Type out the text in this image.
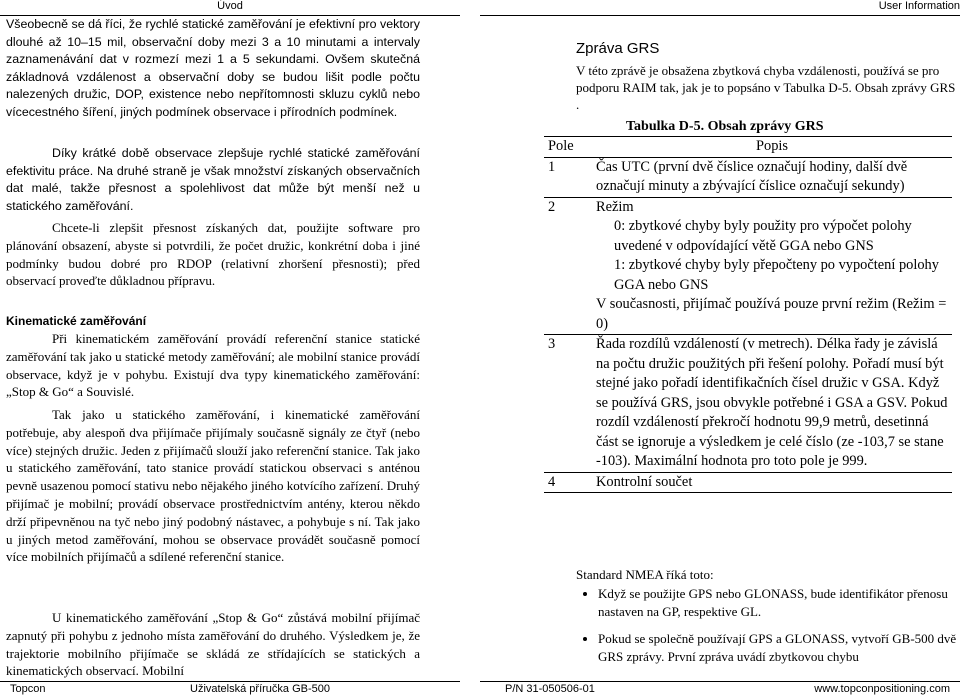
Úvod

Všeobecně se dá říci, že rychlé statické zaměřování je efektivní pro vektory dlouhé až 10–15 mil, observační doby mezi 3 a 10 minutami a intervaly zaznamenávání dat v rozmezí mezi 1 a 5 sekundami. Ovšem skutečná základnová vzdálenost a observační doby se budou lišit podle počtu nalezených družic, DOP, existence nebo nepřítomnosti skluzu cyklů nebo vícecestného šíření, jiných podmínek observace i přírodních podmínek.

Díky krátké době observace zlepšuje rychlé statické zaměřování efektivitu práce. Na druhé straně je však množství získaných observačních dat malé, takže přesnost a spolehlivost dat může být menší než u statického zaměřování.

Chcete-li zlepšit přesnost získaných dat, použijte software pro plánování obsazení, abyste si potvrdili, že počet družic, konkrétní doba i jiné podmínky budou dobré pro RDOP (relativní zhoršení přesnosti); před observací proveďte důkladnou přípravu.

Kinematické zaměřování

Při kinematickém zaměřování provádí referenční stanice statické zaměřování tak jako u statické metody zaměřování; ale mobilní stanice provádí observace, když je v pohybu. Existují dva typy kinematického zaměřování: „Stop & Go“ a Souvislé.

Tak jako u statického zaměřování, i kinematické zaměřování potřebuje, aby alespoň dva přijímače přijímaly současně signály ze čtyř (nebo více) stejných družic. Jeden z přijímačů slouží jako referenční stanice. Tak jako u statického zaměřování, tato stanice provádí statickou observaci s anténou pevně usazenou pomocí stativu nebo nějakého jiného kotvícího zařízení. Druhý přijímač je mobilní; provádí observace prostřednictvím antény, kterou někdo drží připevněnou na tyč nebo jiný podobný nástavec, a pohybuje s ní. Tak jako u jiných metod zaměřování, mohou se observace provádět současně pomocí více mobilních přijímačů a sdílené referenční stanice.

U kinematického zaměřování „Stop & Go“ zůstává mobilní přijímač zapnutý při pohybu z jednoho místa zaměřování do druhého. Výsledkem je, že trajektorie mobilního přijímače se skládá ze střídajících se statických a kinematických observací. Mobilní

Topcon	Uživatelská příručka GB-500
User Information
Zpráva GRS

V této zprávě je obsažena zbytková chyba vzdálenosti, používá se pro podporu RAIM tak, jak je to popsáno v Tabulka D-5. Obsah zprávy GRS .

Tabulka D-5. Obsah zprávy GRS
Pole	Popis
1	Čas UTC (první dvě číslice označují hodiny, další dvě označují minuty a zbývající číslice označují sekundy)
2	Režim
	0: zbytkové chyby byly použity pro výpočet polohy uvedené v odpovídající větě GGA nebo GNS
	1: zbytkové chyby byly přepočteny po vypočtení polohy GGA nebo GNS
	V současnosti, přijímač používá pouze první režim (Režim = 0)
3	Řada rozdílů vzdáleností (v metrech). Délka řady je závislá na počtu družic použitých při řešení polohy. Pořadí musí být stejné jako pořadí identifikačních čísel družic v GSA. Když se používá GRS, jsou obvykle potřebné i GSA a GSV. Pokud rozdíl vzdáleností překročí hodnotu 99,9 metrů, desetinná část se ignoruje a výsledkem je celé číslo (ze -103,7 se stane -103). Maximální hodnota pro toto pole je 999.
4	Kontrolní součet

Standard NMEA říká toto:

• Když se použijte GPS nebo GLONASS, bude identifikátor přenosu nastaven na GP, respektive GL.
• Pokud se společně používají GPS a GLONASS, vytvoří GB-500 dvě GRS zprávy. První zpráva uvádí zbytkovou chybu
P/N 31-050506-01	www.topconpositioning.com
